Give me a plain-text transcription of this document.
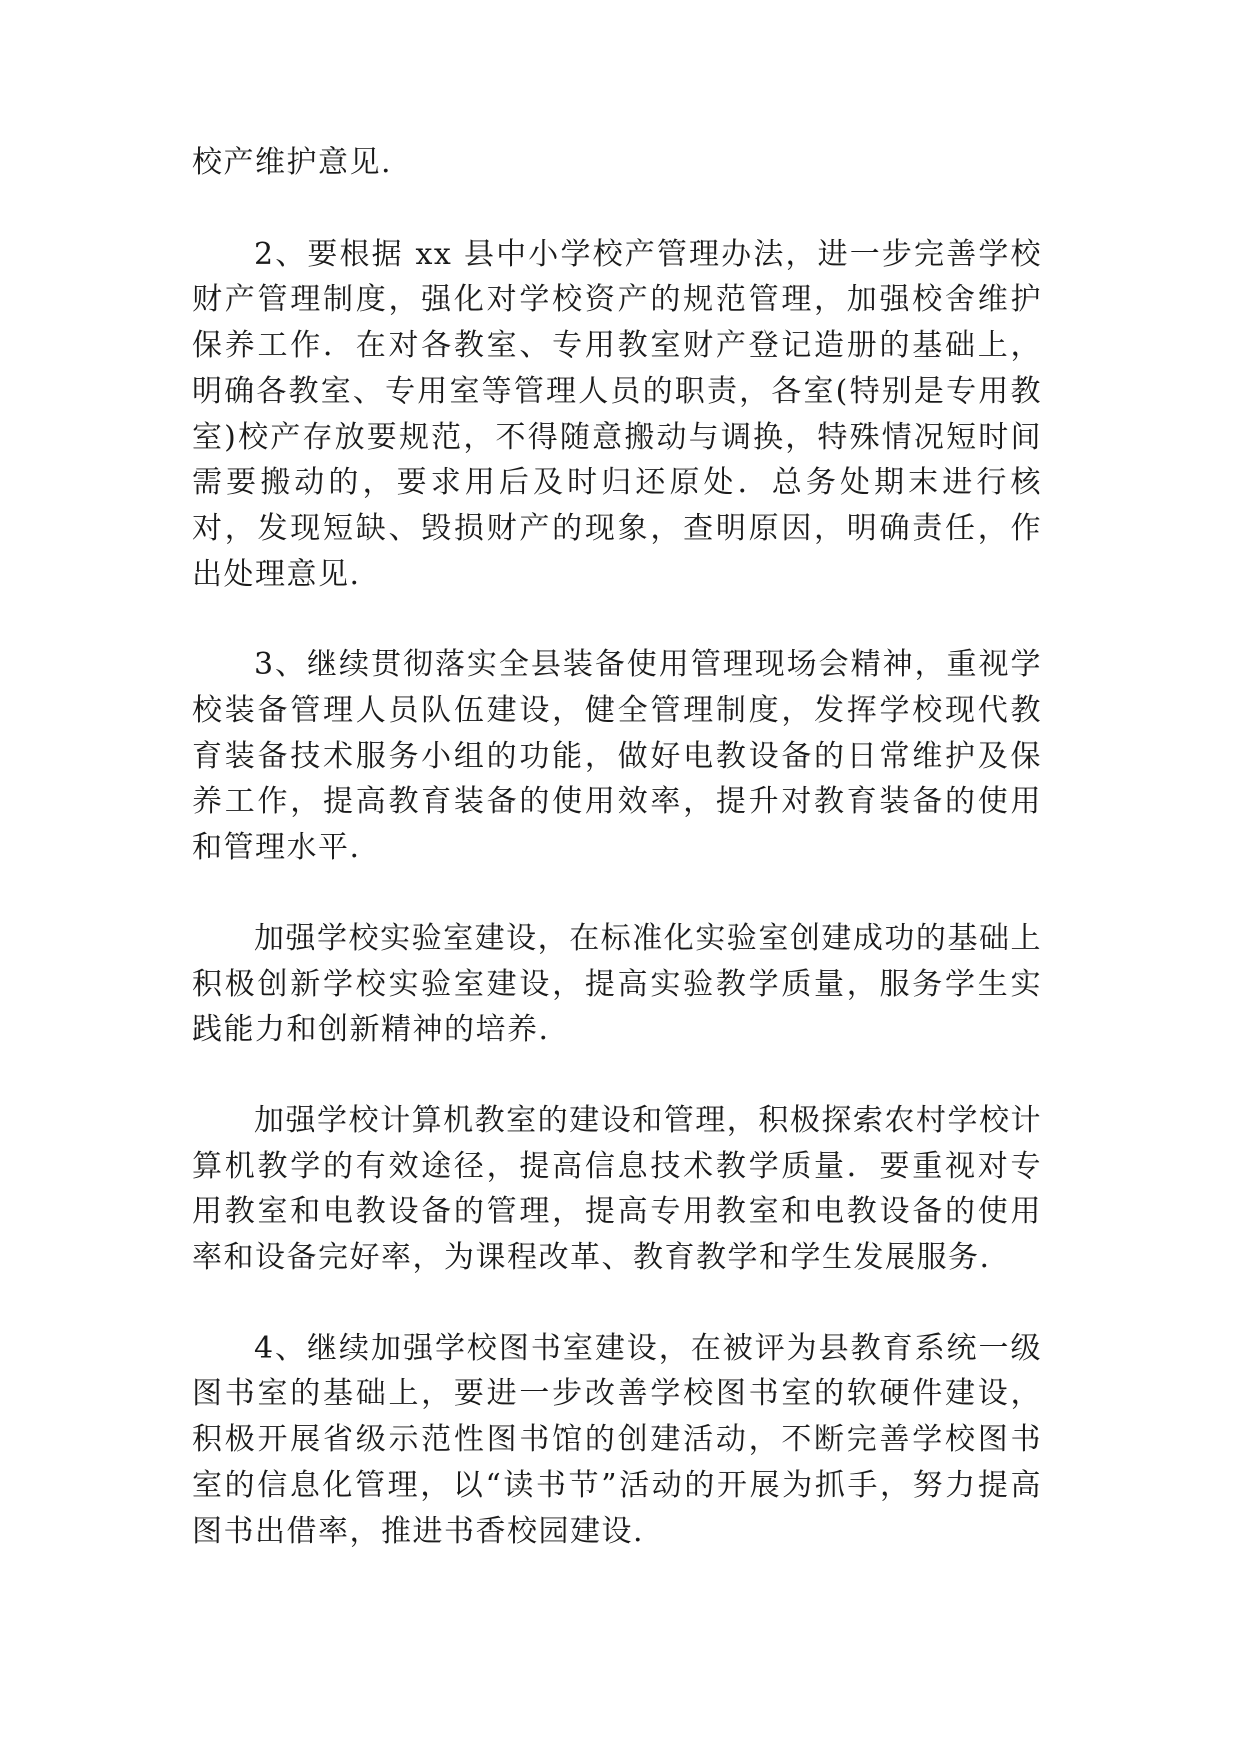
校产维护意见.

2、要根据 xx 县中小学校产管理办法，进一步完善学校财产管理制度，强化对学校资产的规范管理，加强校舍维护保养工作．在对各教室、专用教室财产登记造册的基础上，明确各教室、专用室等管理人员的职责，各室(特别是专用教室)校产存放要规范，不得随意搬动与调换，特殊情况短时间需要搬动的，要求用后及时归还原处．总务处期末进行核对，发现短缺、毁损财产的现象，查明原因，明确责任，作出处理意见.

3、继续贯彻落实全县装备使用管理现场会精神，重视学校装备管理人员队伍建设，健全管理制度，发挥学校现代教育装备技术服务小组的功能，做好电教设备的日常维护及保养工作，提高教育装备的使用效率，提升对教育装备的使用和管理水平.

加强学校实验室建设，在标准化实验室创建成功的基础上积极创新学校实验室建设，提高实验教学质量，服务学生实践能力和创新精神的培养.

加强学校计算机教室的建设和管理，积极探索农村学校计算机教学的有效途径，提高信息技术教学质量．要重视对专用教室和电教设备的管理，提高专用教室和电教设备的使用率和设备完好率，为课程改革、教育教学和学生发展服务.

4、继续加强学校图书室建设，在被评为县教育系统一级图书室的基础上，要进一步改善学校图书室的软硬件建设，积极开展省级示范性图书馆的创建活动，不断完善学校图书室的信息化管理，以“读书节”活动的开展为抓手，努力提高图书出借率，推进书香校园建设.
